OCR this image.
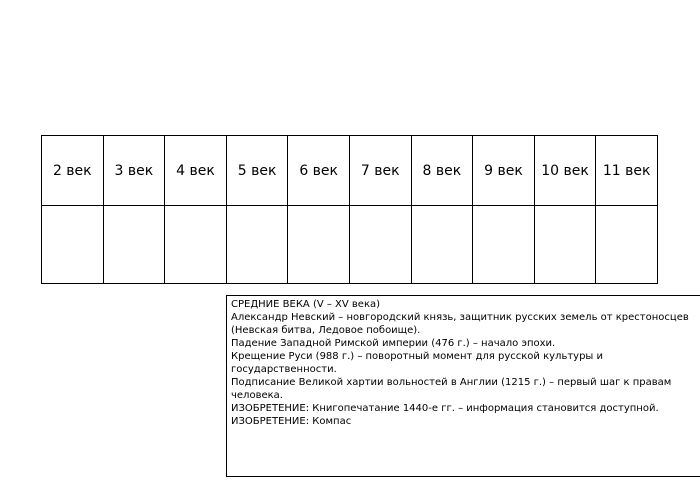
2 век	3 век	4 век	5 век	6 век	7 век	8 век	9 век	10 век	11 век

СРЕДНИЕ ВЕКА (V – XV века)
Александр Невский – новгородский князь, защитник русских земель от крестоносцев (Невская битва, Ледовое побоище).
Падение Западной Римской империи (476 г.) – начало эпохи.
Крещение Руси (988 г.) – поворотный момент для русской культуры и государственности.
Подписание Великой хартии вольностей в Англии (1215 г.) – первый шаг к правам человека.
ИЗОБРЕТЕНИЕ: Книгопечатание 1440-е гг. – информация становится доступной.
ИЗОБРЕТЕНИЕ: Компас
